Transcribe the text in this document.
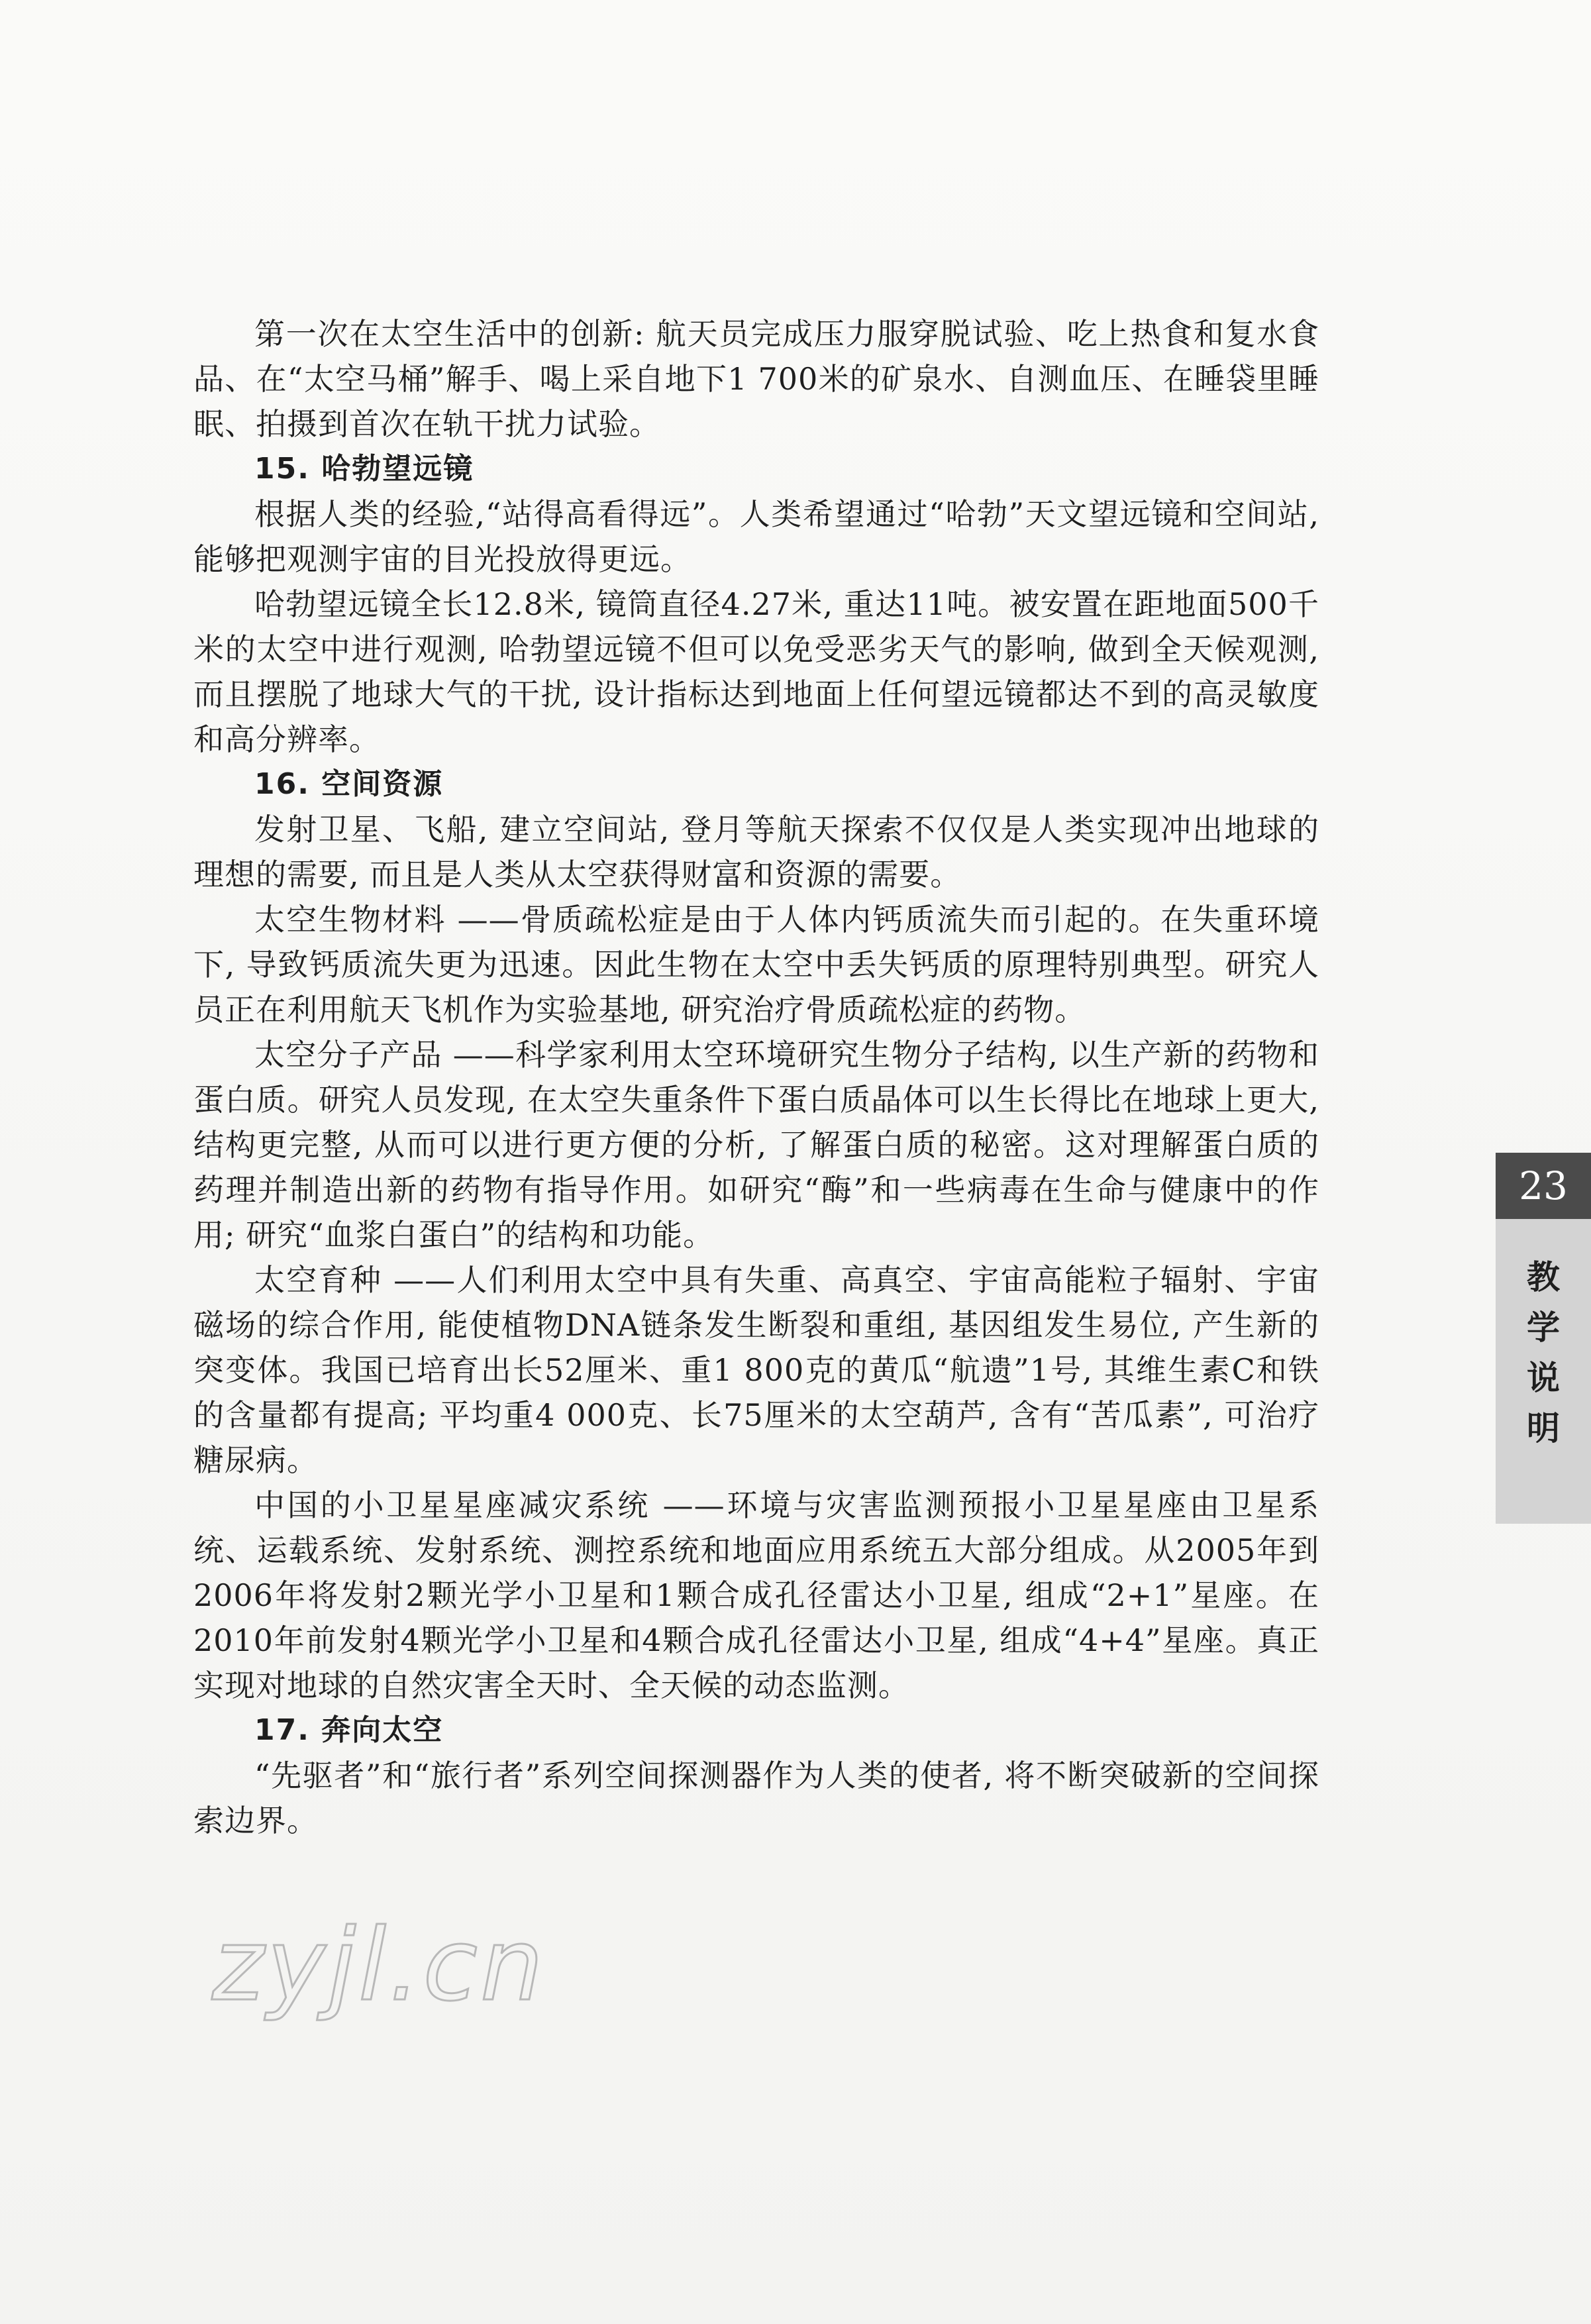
第一次在太空生活中的创新: 航天员完成压力服穿脱试验、吃上热食和复水食品、在“太空马桶”解手、喝上采自地下1 700米的矿泉水、自测血压、在睡袋里睡眠、拍摄到首次在轨干扰力试验。

15. 哈勃望远镜

根据人类的经验,“站得高看得远”。人类希望通过“哈勃”天文望远镜和空间站, 能够把观测宇宙的目光投放得更远。

哈勃望远镜全长12.8米, 镜筒直径4.27米, 重达11吨。被安置在距地面500千米的太空中进行观测, 哈勃望远镜不但可以免受恶劣天气的影响, 做到全天候观测, 而且摆脱了地球大气的干扰, 设计指标达到地面上任何望远镜都达不到的高灵敏度和高分辨率。

16. 空间资源

发射卫星、飞船, 建立空间站, 登月等航天探索不仅仅是人类实现冲出地球的理想的需要, 而且是人类从太空获得财富和资源的需要。

太空生物材料 ——骨质疏松症是由于人体内钙质流失而引起的。在失重环境下, 导致钙质流失更为迅速。因此生物在太空中丢失钙质的原理特别典型。研究人员正在利用航天飞机作为实验基地, 研究治疗骨质疏松症的药物。

太空分子产品 ——科学家利用太空环境研究生物分子结构, 以生产新的药物和蛋白质。研究人员发现, 在太空失重条件下蛋白质晶体可以生长得比在地球上更大, 结构更完整, 从而可以进行更方便的分析, 了解蛋白质的秘密。这对理解蛋白质的药理并制造出新的药物有指导作用。如研究“酶”和一些病毒在生命与健康中的作用; 研究“血浆白蛋白”的结构和功能。

太空育种 ——人们利用太空中具有失重、高真空、宇宙高能粒子辐射、宇宙磁场的综合作用, 能使植物DNA链条发生断裂和重组, 基因组发生易位, 产生新的突变体。我国已培育出长52厘米、重1 800克的黄瓜“航遗”1号, 其维生素C和铁的含量都有提高; 平均重4 000克、长75厘米的太空葫芦, 含有“苦瓜素”, 可治疗糖尿病。

中国的小卫星星座减灾系统 ——环境与灾害监测预报小卫星星座由卫星系统、运载系统、发射系统、测控系统和地面应用系统五大部分组成。从2005年到2006年将发射2颗光学小卫星和1颗合成孔径雷达小卫星, 组成“2+1”星座。在2010年前发射4颗光学小卫星和4颗合成孔径雷达小卫星, 组成“4+4”星座。真正实现对地球的自然灾害全天时、全天候的动态监测。

17. 奔向太空

“先驱者”和“旅行者”系列空间探测器作为人类的使者, 将不断突破新的空间探索边界。

23
教
学
说
明
zyjl.cn
